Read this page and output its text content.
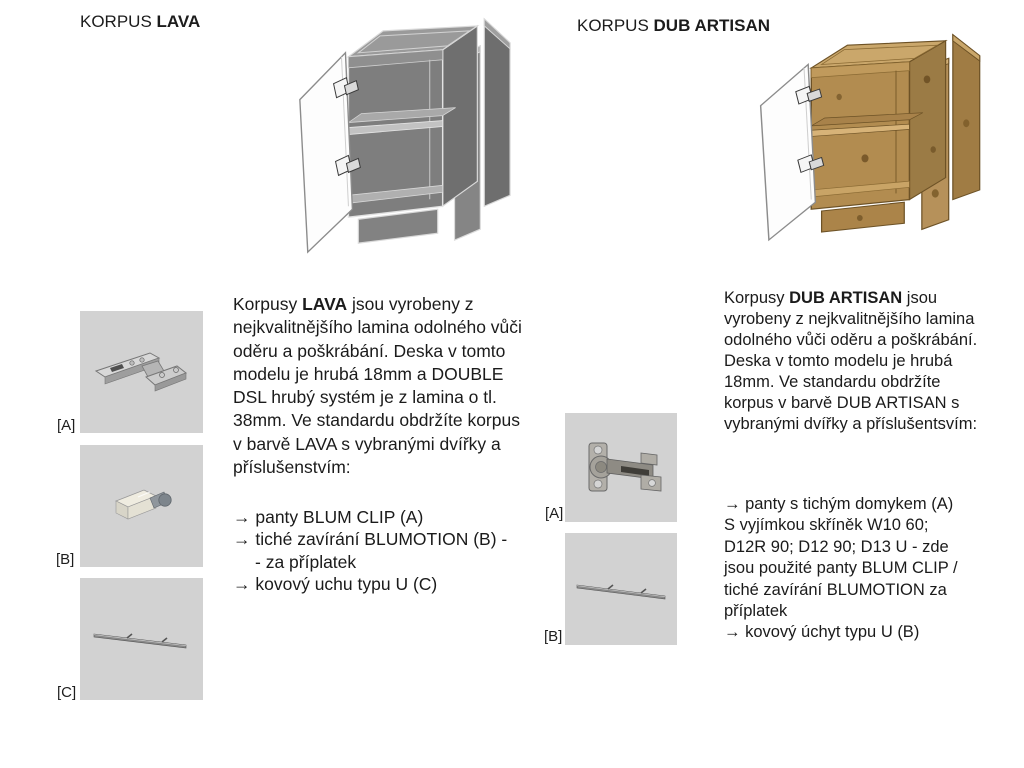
KORPUS LAVA
Korpusy LAVA jsou vyrobeny z nejkvalitnějšího lamina odolného vůči oděru a poškrábání. Deska v tomto modelu je hrubá 18mm a DOUBLE DSL hrubý systém je z lamina o tl. 38mm. Ve standardu obdržíte korpus v barvě LAVA s vybranými dvířky a příslušenstvím:
→ panty BLUM CLIP (A)
→ tiché zavírání BLUMOTION (B) -
- za příplatek
→ kovový uchu typu U (C)
[A]
[B]
[C]
KORPUS DUB ARTISAN
Korpusy DUB ARTISAN jsou vyrobeny z nejkvalitnějšího lamina odolného vůči oděru a poškrábání. Deska v tomto modelu je hrubá 18mm. Ve standardu obdržíte korpus v barvě DUB ARTISAN s vybranými dvířky a příslušentsvím:
→ panty s tichým domykem (A)
S vyjímkou skříněk W10 60;
D12R 90; D12 90; D13 U - zde
jsou použité panty BLUM CLIP /
tiché zavírání BLUMOTION za
příplatek
→ kovový úchyt typu U (B)
[A]
[B]
